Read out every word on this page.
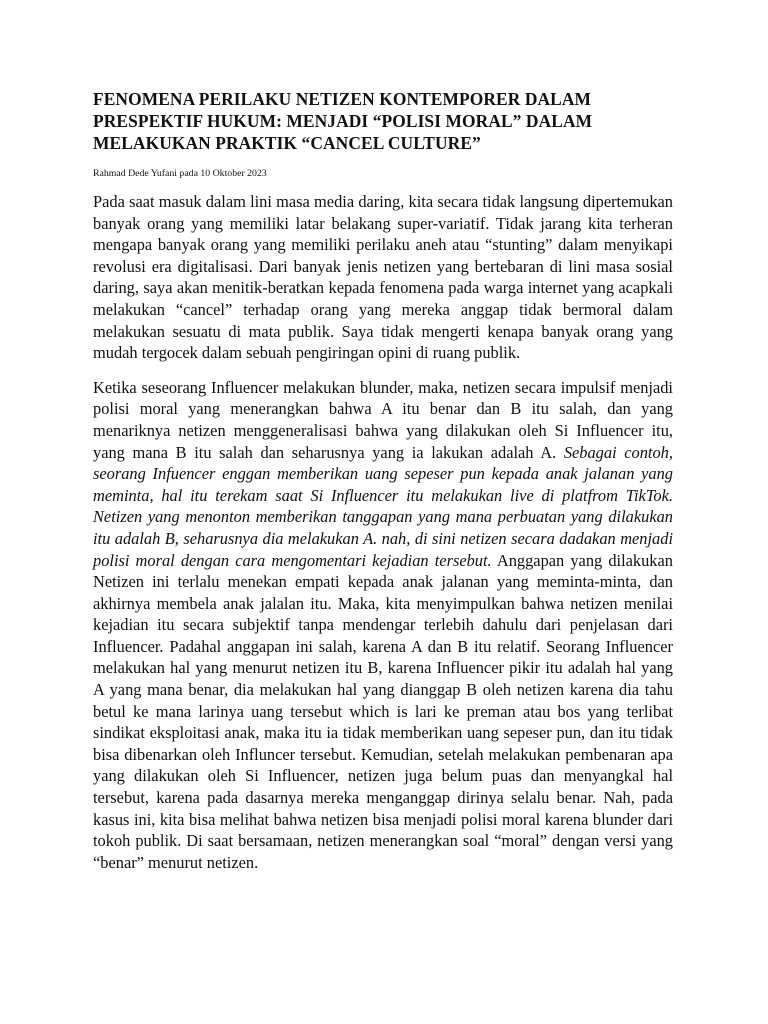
FENOMENA PERILAKU NETIZEN KONTEMPORER DALAM PRESPEKTIF HUKUM: MENJADI “POLISI MORAL” DALAM MELAKUKAN PRAKTIK “CANCEL CULTURE”

Rahmad Dede Yufani pada 10 Oktober 2023

Pada saat masuk dalam lini masa media daring, kita secara tidak langsung dipertemukan banyak orang yang memiliki latar belakang super-variatif. Tidak jarang kita terheran mengapa banyak orang yang memiliki perilaku aneh atau “stunting” dalam menyikapi revolusi era digitalisasi. Dari banyak jenis netizen yang bertebaran di lini masa sosial daring, saya akan menitik-beratkan kepada fenomena pada warga internet yang acapkali melakukan “cancel” terhadap orang yang mereka anggap tidak bermoral dalam melakukan sesuatu di mata publik. Saya tidak mengerti kenapa banyak orang yang mudah tergocek dalam sebuah pengiringan opini di ruang publik.

Ketika seseorang Influencer melakukan blunder, maka, netizen secara impulsif menjadi polisi moral yang menerangkan bahwa A itu benar dan B itu salah, dan yang menariknya netizen menggeneralisasi bahwa yang dilakukan oleh Si Influencer itu, yang mana B itu salah dan seharusnya yang ia lakukan adalah A. Sebagai contoh, seorang Infuencer enggan memberikan uang sepeser pun kepada anak jalanan yang meminta, hal itu terekam saat Si Influencer itu melakukan live di platfrom TikTok. Netizen yang menonton memberikan tanggapan yang mana perbuatan yang dilakukan itu adalah B, seharusnya dia melakukan A. nah, di sini netizen secara dadakan menjadi polisi moral dengan cara mengomentari kejadian tersebut. Anggapan yang dilakukan Netizen ini terlalu menekan empati kepada anak jalanan yang meminta-minta, dan akhirnya membela anak jalalan itu. Maka, kita menyimpulkan bahwa netizen menilai kejadian itu secara subjektif tanpa mendengar terlebih dahulu dari penjelasan dari Influencer. Padahal anggapan ini salah, karena A dan B itu relatif. Seorang Influencer melakukan hal yang menurut netizen itu B, karena Influencer pikir itu adalah hal yang A yang mana benar, dia melakukan hal yang dianggap B oleh netizen karena dia tahu betul ke mana larinya uang tersebut which is lari ke preman atau bos yang terlibat sindikat eksploitasi anak, maka itu ia tidak memberikan uang sepeser pun, dan itu tidak bisa dibenarkan oleh Influncer tersebut. Kemudian, setelah melakukan pembenaran apa yang dilakukan oleh Si Influencer, netizen juga belum puas dan menyangkal hal tersebut, karena pada dasarnya mereka menganggap dirinya selalu benar. Nah, pada kasus ini, kita bisa melihat bahwa netizen bisa menjadi polisi moral karena blunder dari tokoh publik. Di saat bersamaan, netizen menerangkan soal “moral” dengan versi yang “benar” menurut netizen.
